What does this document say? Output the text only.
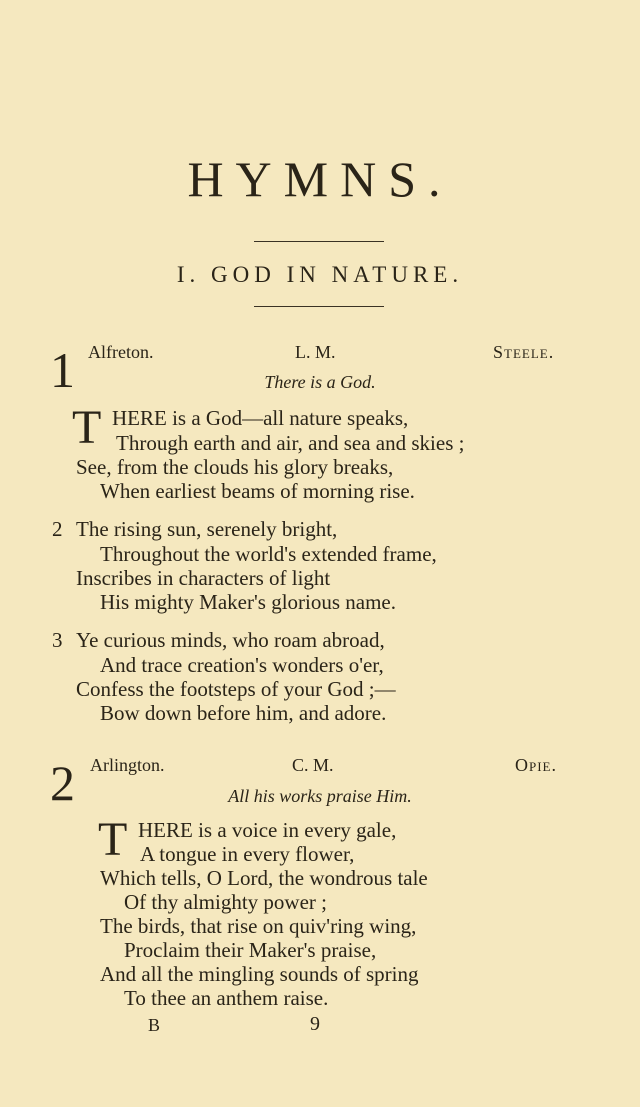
HYMNS.
I. GOD IN NATURE.
1 Alfreton.	L. M.	Steele.
There is a God.
T HERE is a God—all nature speaks,
Through earth and air, and sea and skies ;
See, from the clouds his glory breaks,
When earliest beams of morning rise.
2 The rising sun, serenely bright,
Throughout the world's extended frame,
Inscribes in characters of light
His mighty Maker's glorious name.
3 Ye curious minds, who roam abroad,
And trace creation's wonders o'er,
Confess the footsteps of your God ;—
Bow down before him, and adore.
2 Arlington.	C. M.	Opie.
All his works praise Him.
T HERE is a voice in every gale,
A tongue in every flower,
Which tells, O Lord, the wondrous tale
Of thy almighty power ;
The birds, that rise on quiv'ring wing,
Proclaim their Maker's praise,
And all the mingling sounds of spring
To thee an anthem raise.
B	9
